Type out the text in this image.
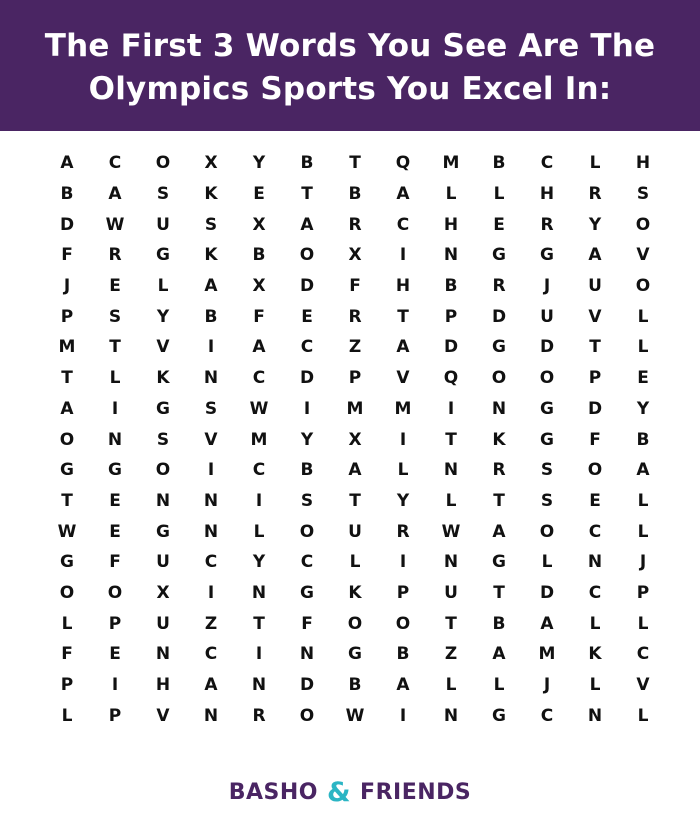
The First 3 Words You See Are The
Olympics Sports You Excel In:
A	C	O	X	Y	B	T	Q	M	B	C	L	H
B	A	S	K	E	T	B	A	L	L	H	R	S
D	W	U	S	X	A	R	C	H	E	R	Y	O
F	R	G	K	B	O	X	I	N	G	G	A	V
J	E	L	A	X	D	F	H	B	R	J	U	O
P	S	Y	B	F	E	R	T	P	D	U	V	L
M	T	V	I	A	C	Z	A	D	G	D	T	L
T	L	K	N	C	D	P	V	Q	O	O	P	E
A	I	G	S	W	I	M	M	I	N	G	D	Y
O	N	S	V	M	Y	X	I	T	K	G	F	B
G	G	O	I	C	B	A	L	N	R	S	O	A
T	E	N	N	I	S	T	Y	L	T	S	E	L
W	E	G	N	L	O	U	R	W	A	O	C	L
G	F	U	C	Y	C	L	I	N	G	L	N	J
O	O	X	I	N	G	K	P	U	T	D	C	P
L	P	U	Z	T	F	O	O	T	B	A	L	L
F	E	N	C	I	N	G	B	Z	A	M	K	C
P	I	H	A	N	D	B	A	L	L	J	L	V
L	P	V	N	R	O	W	I	N	G	C	N	L
BASHO & FRIENDS
